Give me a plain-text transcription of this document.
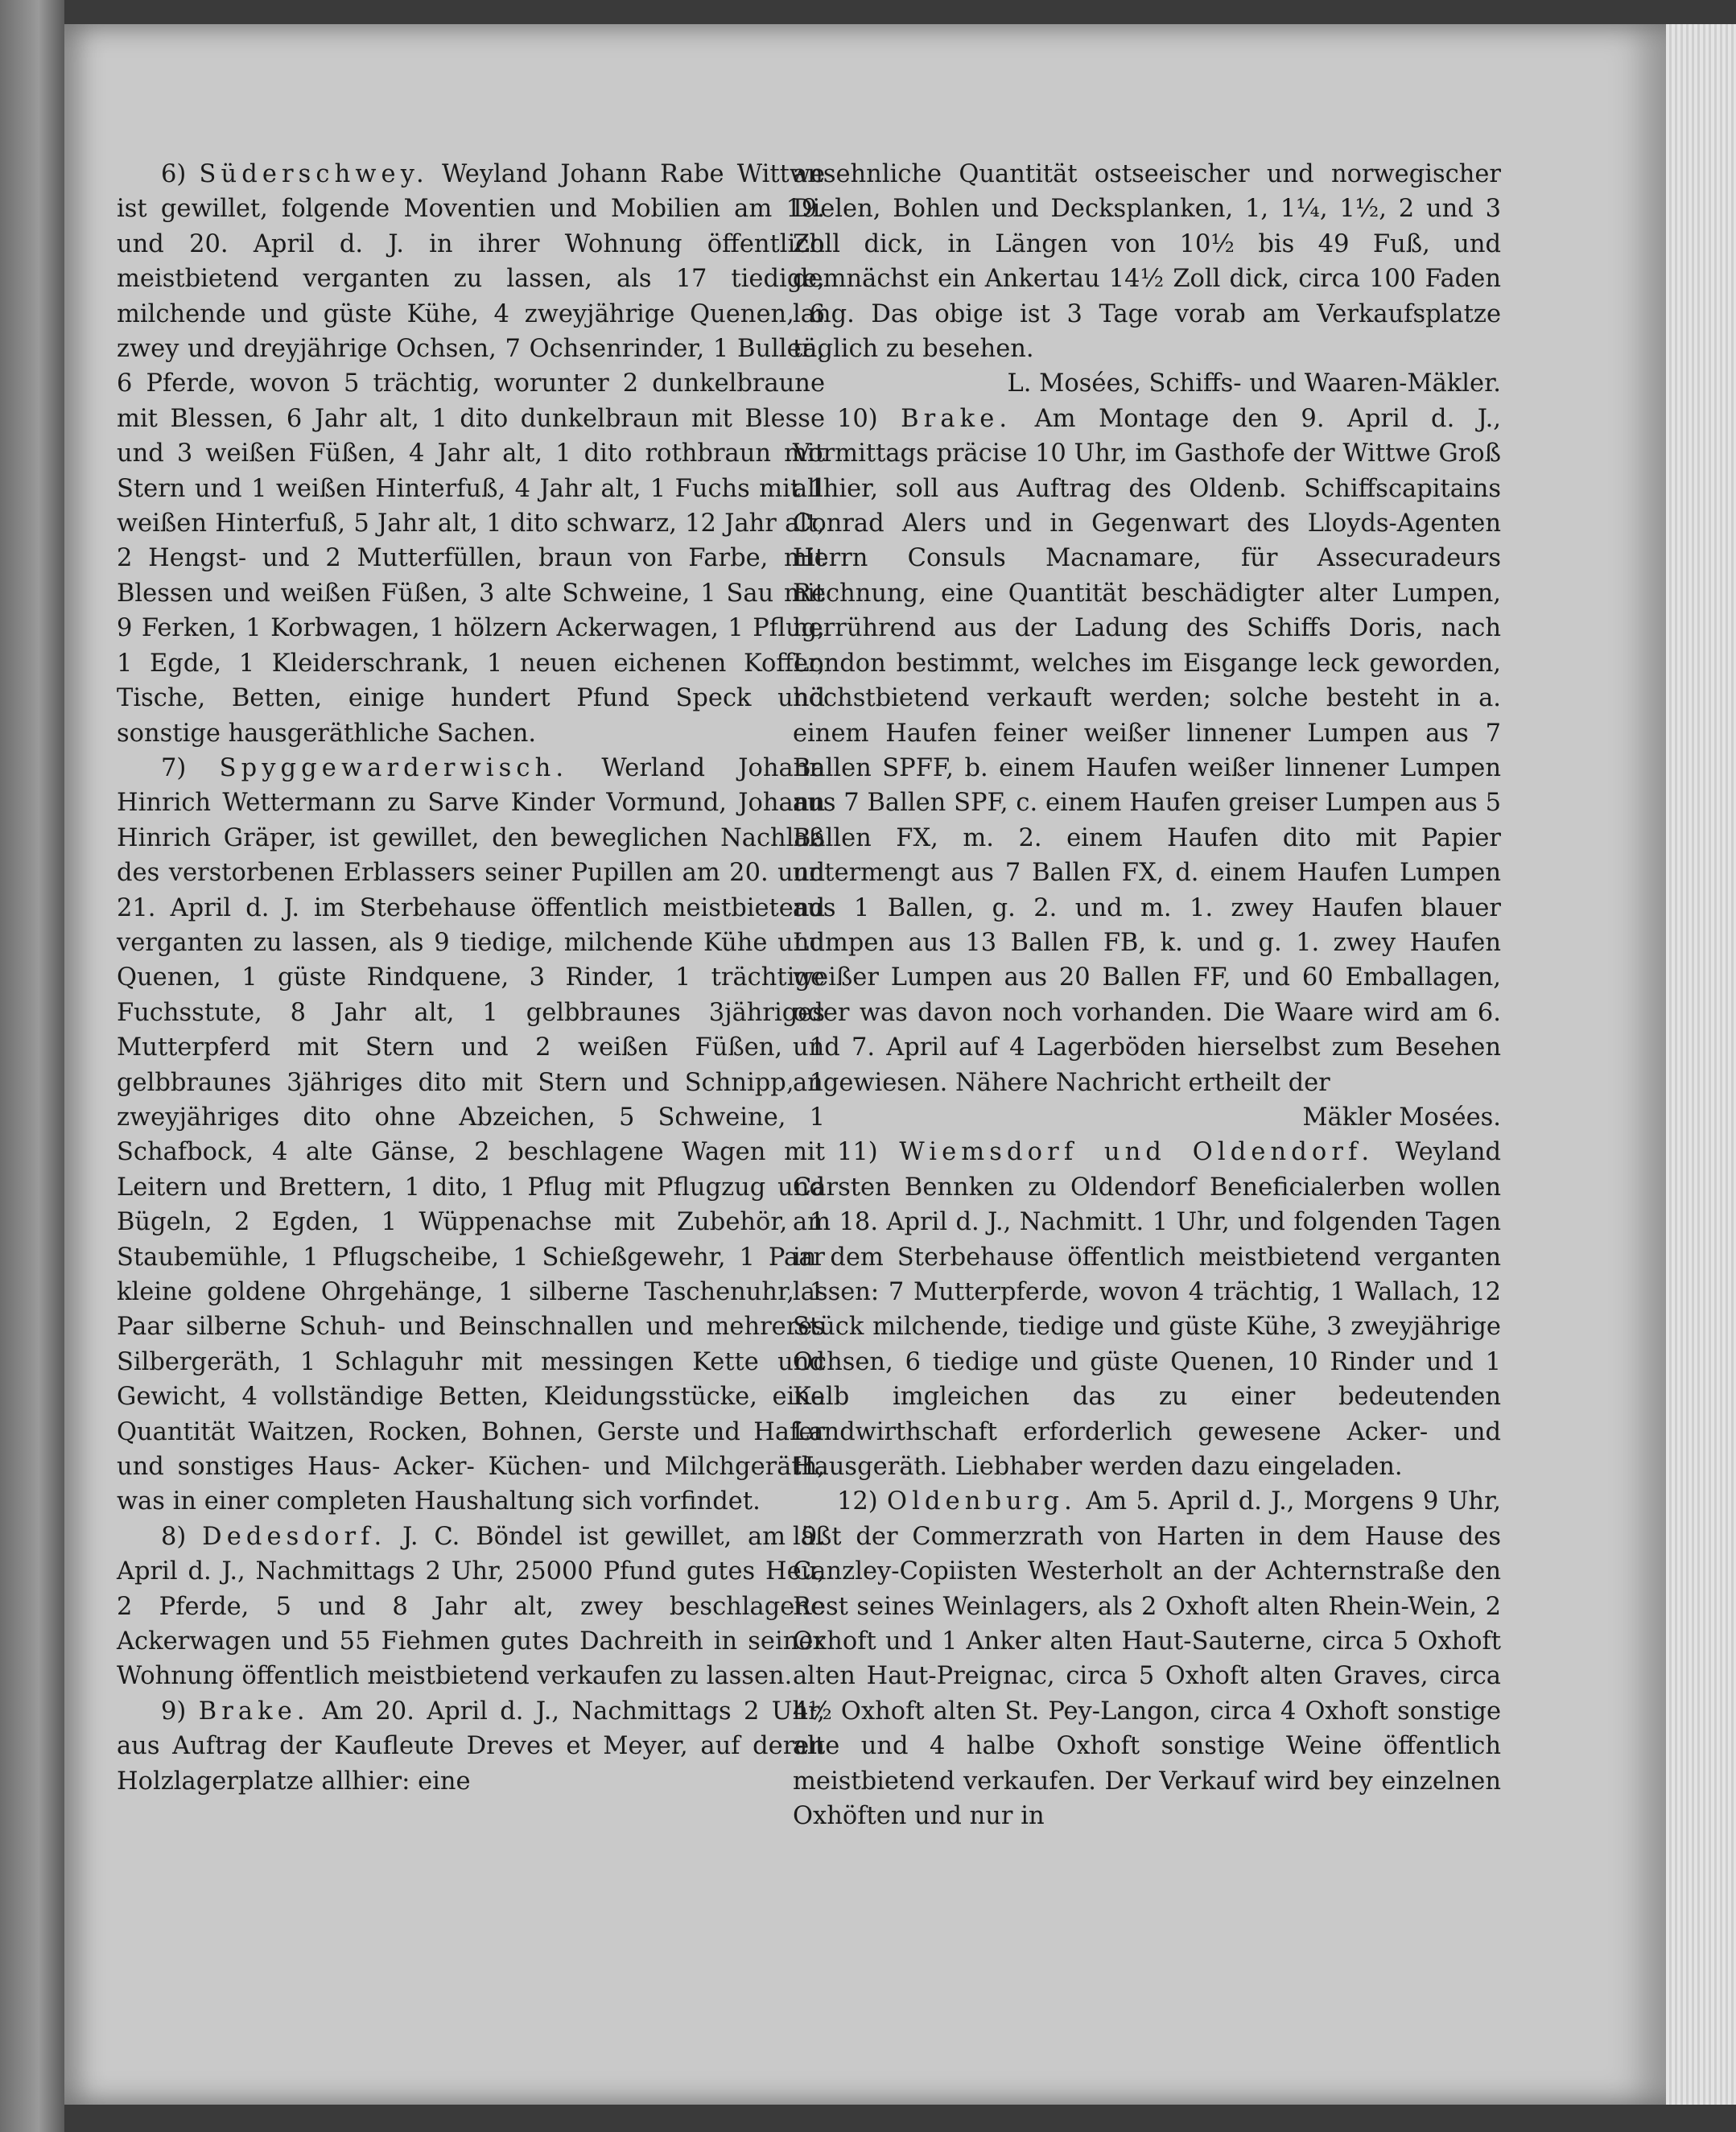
6) Süderschwey. Weyland Johann Rabe Wittwe ist gewillet, folgende Moventien und Mobilien am 19. und 20. April d. J. in ihrer Wohnung öffentlich meistbietend verganten zu lassen, als 17 tiedige, milchende und güste Kühe, 4 zweyjährige Quenen, 6 zwey und dreyjährige Ochsen, 7 Ochsenrinder, 1 Bullen, 6 Pferde, wovon 5 trächtig, worunter 2 dunkelbraune mit Blessen, 6 Jahr alt, 1 dito dunkelbraun mit Blesse und 3 weißen Füßen, 4 Jahr alt, 1 dito rothbraun mit Stern und 1 weißen Hinterfuß, 4 Jahr alt, 1 Fuchs mit 1 weißen Hinterfuß, 5 Jahr alt, 1 dito schwarz, 12 Jahr alt, 2 Hengst- und 2 Mutterfüllen, braun von Farbe, mit Blessen und weißen Füßen, 3 alte Schweine, 1 Sau mit 9 Ferken, 1 Korbwagen, 1 hölzern Ackerwagen, 1 Pflug, 1 Egde, 1 Kleiderschrank, 1 neuen eichenen Koffer, Tische, Betten, einige hundert Pfund Speck und sonstige hausgeräthliche Sachen.

7) Spyggewarderwisch. Werland Johann Hinrich Wettermann zu Sarve Kinder Vormund, Johann Hinrich Gräper, ist gewillet, den beweglichen Nachlaß des verstorbenen Erblassers seiner Pupillen am 20. und 21. April d. J. im Sterbehause öffentlich meistbietend verganten zu lassen, als 9 tiedige, milchende Kühe und Quenen, 1 güste Rindquene, 3 Rinder, 1 trächtige Fuchsstute, 8 Jahr alt, 1 gelbbraunes 3jähriges Mutterpferd mit Stern und 2 weißen Füßen, 1 gelbbraunes 3jähriges dito mit Stern und Schnipp, 1 zweyjähriges dito ohne Abzeichen, 5 Schweine, 1 Schafbock, 4 alte Gänse, 2 beschlagene Wagen mit Leitern und Brettern, 1 dito, 1 Pflug mit Pflugzug und Bügeln, 2 Egden, 1 Wüppenachse mit Zubehör, 1 Staubemühle, 1 Pflugscheibe, 1 Schießgewehr, 1 Paar kleine goldene Ohrgehänge, 1 silberne Taschenuhr, 1 Paar silberne Schuh- und Beinschnallen und mehreres Silbergeräth, 1 Schlaguhr mit messingen Kette und Gewicht, 4 vollständige Betten, Kleidungsstücke, eine Quantität Waitzen, Rocken, Bohnen, Gerste und Hafer und sonstiges Haus- Acker- Küchen- und Milchgeräth, was in einer completen Haushaltung sich vorfindet.

8) Dedesdorf. J. C. Böndel ist gewillet, am 9. April d. J., Nachmittags 2 Uhr, 25000 Pfund gutes Heu, 2 Pferde, 5 und 8 Jahr alt, zwey beschlagene Ackerwagen und 55 Fiehmen gutes Dachreith in seiner Wohnung öffentlich meistbietend verkaufen zu lassen.

9) Brake. Am 20. April d. J., Nachmittags 2 Uhr, aus Auftrag der Kaufleute Dreves et Meyer, auf deren Holzlagerplatze allhier: eine

ansehnliche Quantität ostseeischer und norwegischer Dielen, Bohlen und Decksplanken, 1, 1¼, 1½, 2 und 3 Zoll dick, in Längen von 10½ bis 49 Fuß, und demnächst ein Ankertau 14½ Zoll dick, circa 100 Faden lang. Das obige ist 3 Tage vorab am Verkaufsplatze täglich zu besehen.

L. Mosées, Schiffs- und Waaren-Mäkler.

10) Brake. Am Montage den 9. April d. J., Vormittags präcise 10 Uhr, im Gasthofe der Wittwe Groß allhier, soll aus Auftrag des Oldenb. Schiffscapitains Conrad Alers und in Gegenwart des Lloyds-Agenten Herrn Consuls Macnamare, für Assecuradeurs Rechnung, eine Quantität beschädigter alter Lumpen, herrührend aus der Ladung des Schiffs Doris, nach London bestimmt, welches im Eisgange leck geworden, höchstbietend verkauft werden; solche besteht in a. einem Haufen feiner weißer linnener Lumpen aus 7 Ballen SPFF, b. einem Haufen weißer linnener Lumpen aus 7 Ballen SPF, c. einem Haufen greiser Lumpen aus 5 Ballen FX, m. 2. einem Haufen dito mit Papier untermengt aus 7 Ballen FX, d. einem Haufen Lumpen aus 1 Ballen, g. 2. und m. 1. zwey Haufen blauer Lumpen aus 13 Ballen FB, k. und g. 1. zwey Haufen weißer Lumpen aus 20 Ballen FF, und 60 Emballagen, oder was davon noch vorhanden. Die Waare wird am 6. und 7. April auf 4 Lagerböden hierselbst zum Besehen angewiesen. Nähere Nachricht ertheilt der

Mäkler Mosées.

11) Wiemsdorf und Oldendorf. Weyland Carsten Bennken zu Oldendorf Beneficialerben wollen am 18. April d. J., Nachmitt. 1 Uhr, und folgenden Tagen in dem Sterbehause öffentlich meistbietend verganten lassen: 7 Mutterpferde, wovon 4 trächtig, 1 Wallach, 12 Stück milchende, tiedige und güste Kühe, 3 zweyjährige Ochsen, 6 tiedige und güste Quenen, 10 Rinder und 1 Kalb imgleichen das zu einer bedeutenden Landwirthschaft erforderlich gewesene Acker- und Hausgeräth. Liebhaber werden dazu eingeladen.

12) Oldenburg. Am 5. April d. J., Morgens 9 Uhr, läßt der Commerzrath von Harten in dem Hause des Canzley-Copiisten Westerholt an der Achternstraße den Rest seines Weinlagers, als 2 Oxhoft alten Rhein-Wein, 2 Oxhoft und 1 Anker alten Haut-Sauterne, circa 5 Oxhoft alten Haut-Preignac, circa 5 Oxhoft alten Graves, circa 4½ Oxhoft alten St. Pey-Langon, circa 4 Oxhoft sonstige alte und 4 halbe Oxhoft sonstige Weine öffentlich meistbietend verkaufen. Der Verkauf wird bey einzelnen Oxhöften und nur in
